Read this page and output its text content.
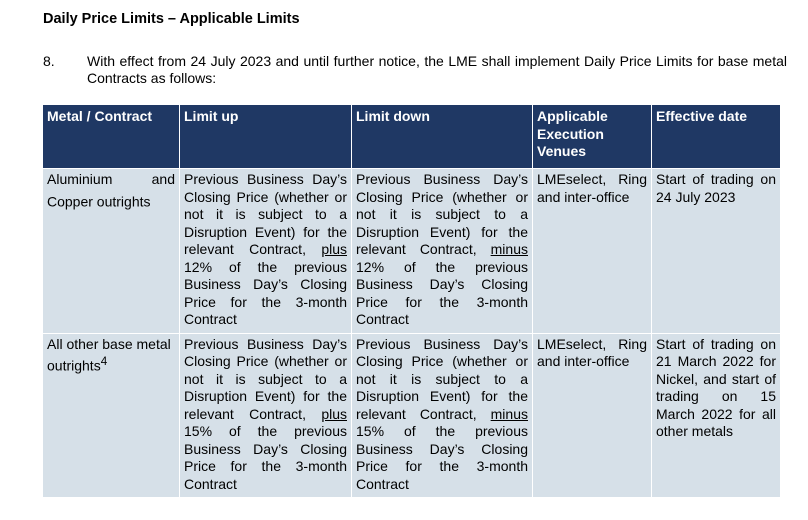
Daily Price Limits – Applicable Limits
8. With effect from 24 July 2023 and until further notice, the LME shall implement Daily Price Limits for base metal Contracts as follows:
Metal / Contract	Limit up	Limit down	Applicable Execution Venues	Effective date
Aluminium and Copper outrights	Previous Business Day’s Closing Price (whether or not it is subject to a Disruption Event) for the relevant Contract, plus 12% of the previous Business Day’s Closing Price for the 3-month Contract	Previous Business Day’s Closing Price (whether or not it is subject to a Disruption Event) for the relevant Contract, minus 12% of the previous Business Day’s Closing Price for the 3-month Contract	LMEselect, Ring and inter-office	Start of trading on 24 July 2023
All other base metal outrights$^4$	Previous Business Day’s Closing Price (whether or not it is subject to a Disruption Event) for the relevant Contract, plus 15% of the previous Business Day’s Closing Price for the 3-month Contract	Previous Business Day’s Closing Price (whether or not it is subject to a Disruption Event) for the relevant Contract, minus 15% of the previous Business Day’s Closing Price for the 3-month Contract	LMEselect, Ring and inter-office	Start of trading on 21 March 2022 for Nickel, and start of trading on 15 March 2022 for all other metals
